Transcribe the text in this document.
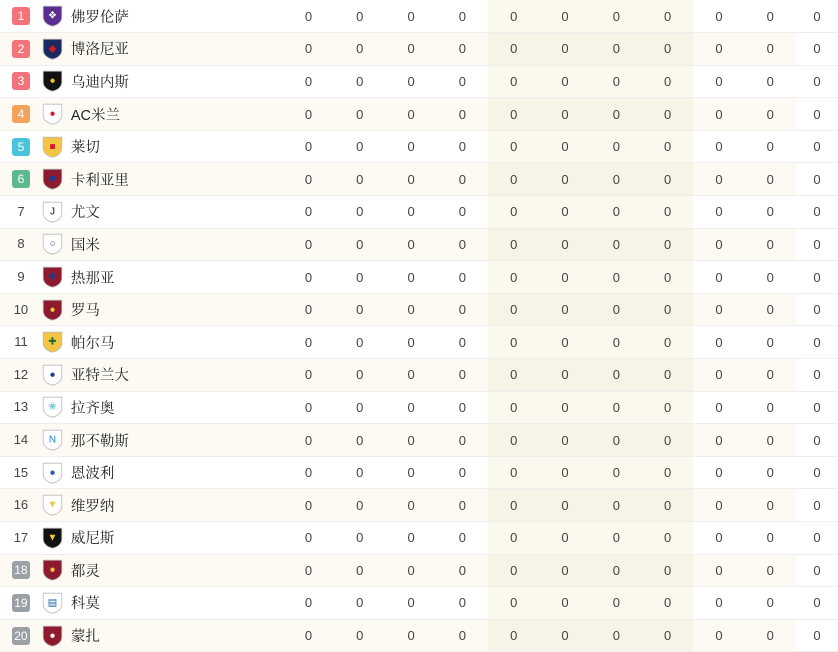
1	❖ 佛罗伦萨	0	0	0	0	0	0	0	0	0	0	0
2	◆ 博洛尼亚	0	0	0	0	0	0	0	0	0	0	0
3	● 乌迪内斯	0	0	0	0	0	0	0	0	0	0	0
4	● AC米兰	0	0	0	0	0	0	0	0	0	0	0
5	■ 莱切	0	0	0	0	0	0	0	0	0	0	0
6	■ 卡利亚里	0	0	0	0	0	0	0	0	0	0	0
7	J 尤文	0	0	0	0	0	0	0	0	0	0	0
8	○ 国米	0	0	0	0	0	0	0	0	0	0	0
9	✚ 热那亚	0	0	0	0	0	0	0	0	0	0	0
10	● 罗马	0	0	0	0	0	0	0	0	0	0	0
11	✚ 帕尔马	0	0	0	0	0	0	0	0	0	0	0
12	● 亚特兰大	0	0	0	0	0	0	0	0	0	0	0
13	❀ 拉齐奥	0	0	0	0	0	0	0	0	0	0	0
14	N 那不勒斯	0	0	0	0	0	0	0	0	0	0	0
15	● 恩波利	0	0	0	0	0	0	0	0	0	0	0
16	▼ 维罗纳	0	0	0	0	0	0	0	0	0	0	0
17	▼ 威尼斯	0	0	0	0	0	0	0	0	0	0	0
18	● 都灵	0	0	0	0	0	0	0	0	0	0	0
19	▤ 科莫	0	0	0	0	0	0	0	0	0	0	0
20	● 蒙扎	0	0	0	0	0	0	0	0	0	0	0
